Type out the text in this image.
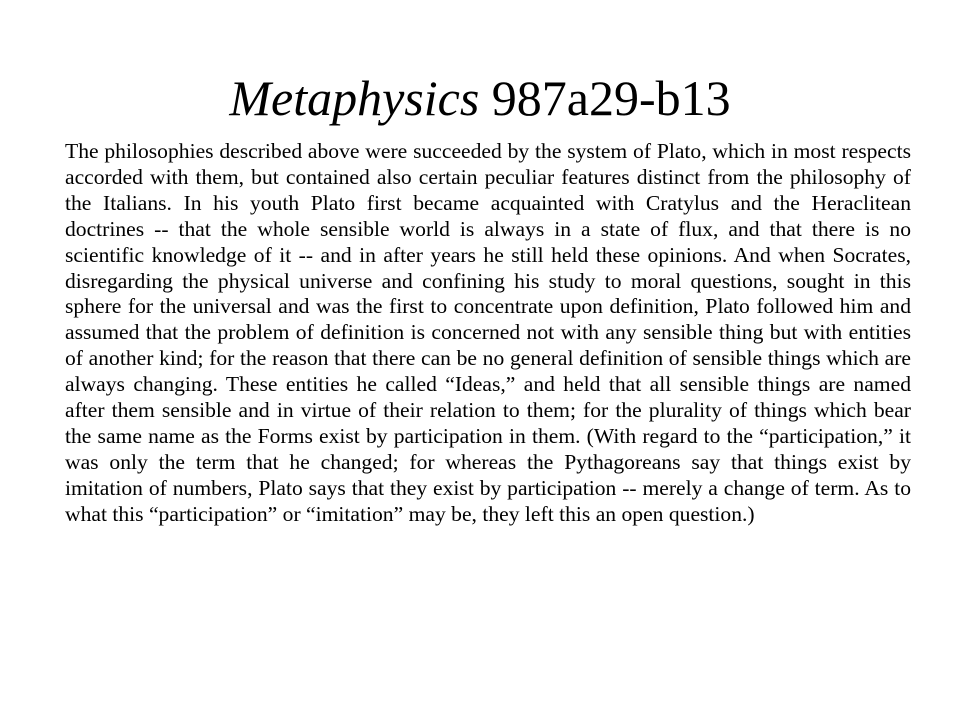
Metaphysics 987a29-b13

The philosophies described above were succeeded by the system of Plato, which in most respects accorded with them, but contained also certain peculiar features distinct from the philosophy of the Italians. In his youth Plato first became acquainted with Cratylus and the Heraclitean doctrines -- that the whole sensible world is always in a state of flux, and that there is no scientific knowledge of it -- and in after years he still held these opinions. And when Socrates, disregarding the physical universe and confining his study to moral questions, sought in this sphere for the universal and was the first to concentrate upon definition, Plato followed him and assumed that the problem of definition is concerned not with any sensible thing but with entities of another kind; for the reason that there can be no general definition of sensible things which are always changing. These entities he called “Ideas,” and held that all sensible things are named after them sensible and in virtue of their relation to them; for the plurality of things which bear the same name as the Forms exist by participation in them. (With regard to the “participation,” it was only the term that he changed; for whereas the Pythagoreans say that things exist by imitation of numbers, Plato says that they exist by participation -- merely a change of term. As to what this “participation” or “imitation” may be, they left this an open question.)
